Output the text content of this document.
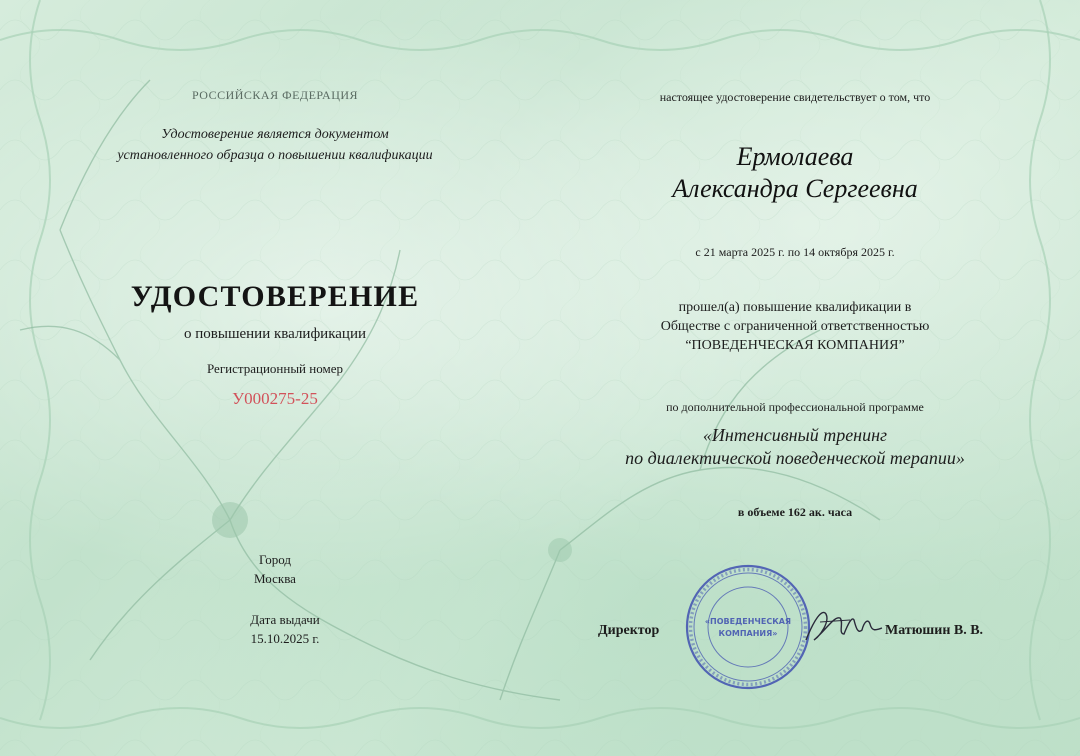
РОССИЙСКАЯ ФЕДЕРАЦИЯ
Удостоверение является документом
установленного образца о повышении квалификации
УДОСТОВЕРЕНИЕ
о повышении квалификации
Регистрационный номер
У000275-25
Город
Москва
Дата выдачи
15.10.2025 г.
настоящее удостоверение свидетельствует о том, что
Ермолаева
Александра Сергеевна
с 21 марта 2025 г. по 14 октября 2025 г.
прошел(а) повышение квалификации в
Обществе с ограниченной ответственностью
“ПОВЕДЕНЧЕСКАЯ КОМПАНИЯ”
по дополнительной профессиональной программе
«Интенсивный тренинг
по диалектической поведенческой терапии»
в объеме 162 ак. часа
Директор	Матюшин В. В.
«ПОВЕДЕНЧЕСКАЯ
КОМПАНИЯ»
